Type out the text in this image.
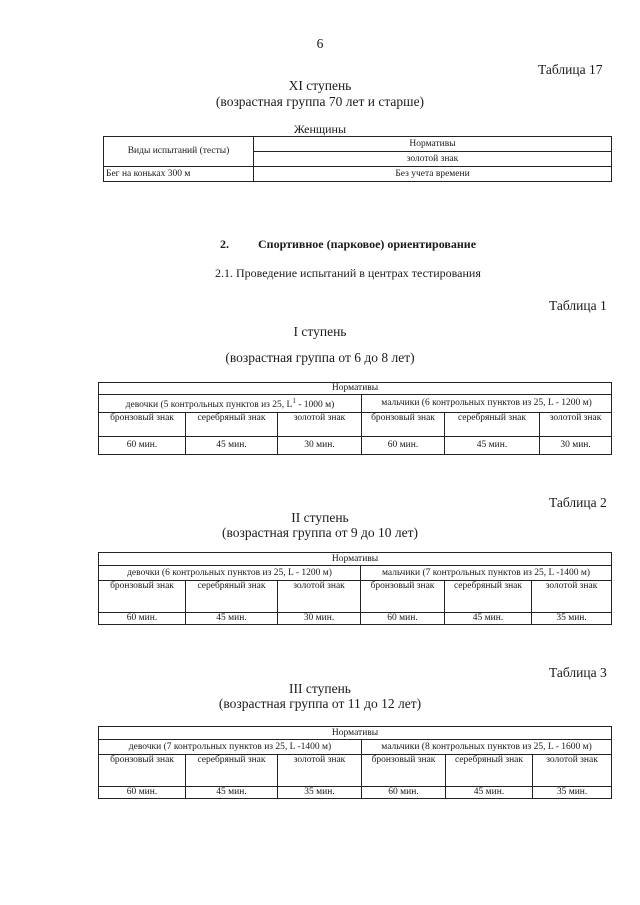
6
Таблица 17
XI ступень
(возрастная группа 70 лет и старше)
Женщины
Виды испытаний (тесты)	Нормативы
	золотой знак
Бег на коньках 300 м	Без учета времени
2. Спортивное (парковое) ориентирование
2.1. Проведение испытаний в центрах тестирования
Таблица 1
I ступень
(возрастная группа от 6 до 8 лет)
Нормативы					
девочки (5 контрольных пунктов из 25, $L^1 - 1000$ м)			мальчики (6 контрольных пунктов из 25, L - 1200 м)		
бронзовый знак	серебряный знак	золотой знак	бронзовый знак	серебряный знак	золотой знак
60 мин.	45 мин.	30 мин.	60 мин.	45 мин.	30 мин.
Таблица 2
II ступень
(возрастная группа от 9 до 10 лет)
Нормативы					
девочки (6 контрольных пунктов из 25, L - 1200 м)			мальчики (7 контрольных пунктов из 25, L -1400 м)		
бронзовый знак	серебряный знак	золотой знак	бронзовый знак	серебряный знак	золотой знак
60 мин.	45 мин.	30 мин.	60 мин.	45 мин.	35 мин.
Таблица 3
III ступень
(возрастная группа от 11 до 12 лет)
Нормативы					
девочки (7 контрольных пунктов из 25, L -1400 м)			мальчики (8 контрольных пунктов из 25, L - 1600 м)		
бронзовый знак	серебряный знак	золотой знак	бронзовый знак	серебряный знак	золотой знак
60 мин.	45 мин.	35 мин.	60 мин.	45 мин.	35 мин.
